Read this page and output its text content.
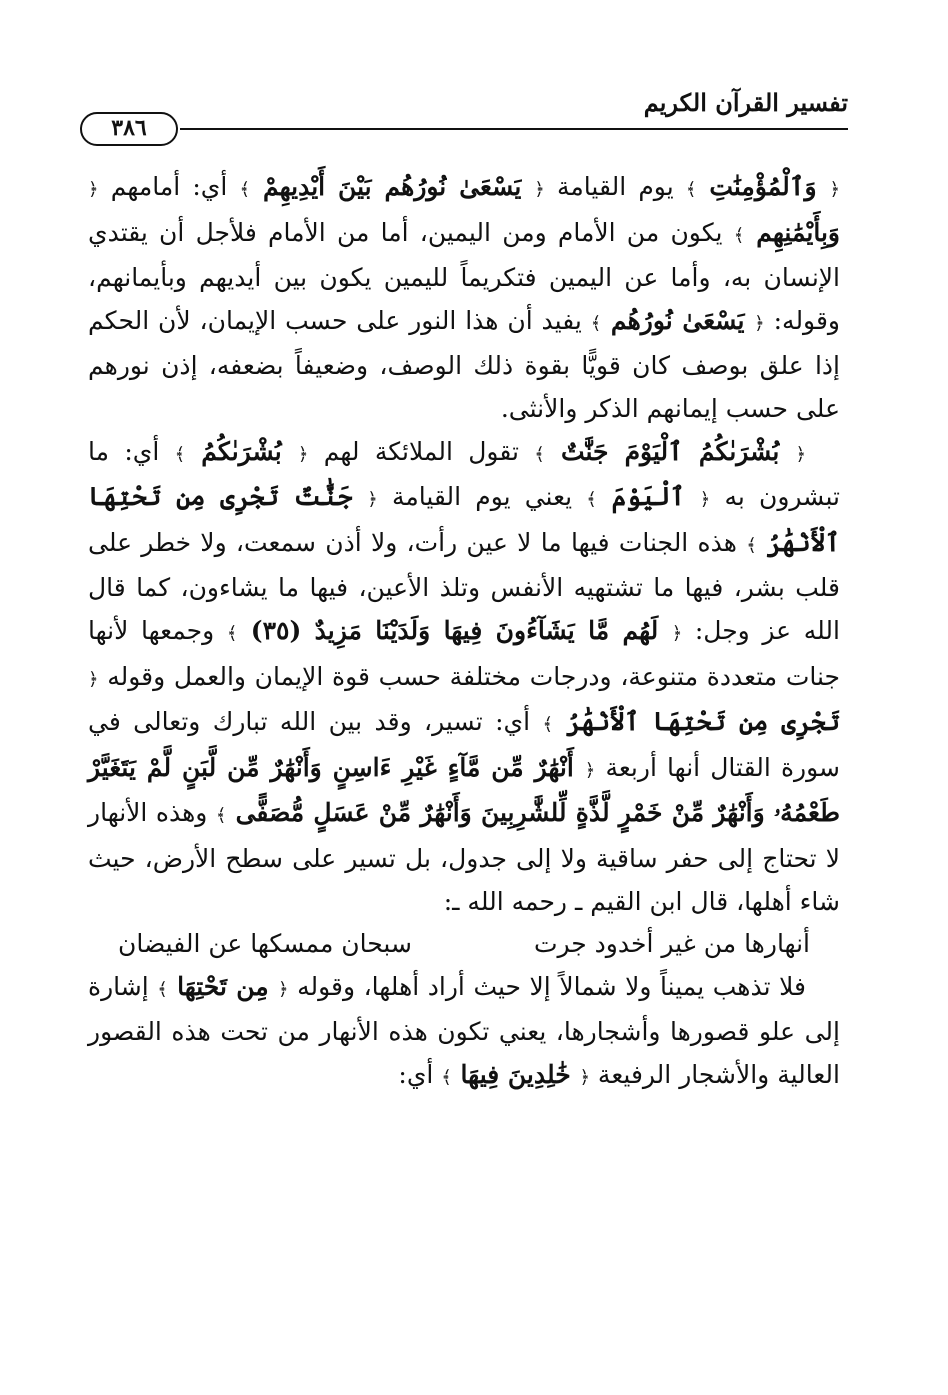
تفسير القرآن الكريم
٣٨٦

﴿ وَٱلْمُؤْمِنَٰتِ ﴾ يوم القيامة ﴿ يَسْعَىٰ نُورُهُم بَيْنَ أَيْدِيهِمْ ﴾ أي: أمامهم ﴿ وَبِأَيْمَٰنِهِم ﴾ يكون من الأمام ومن اليمين، أما من الأمام فلأجل أن يقتدي الإنسان به، وأما عن اليمين فتكريماً لليمين يكون بين أيديهم وبأيمانهم، وقوله: ﴿ يَسْعَىٰ نُورُهُم ﴾ يفيد أن هذا النور على حسب الإيمان، لأن الحكم إذا علق بوصف كان قويًّا بقوة ذلك الوصف، وضعيفاً بضعفه، إذن نورهم على حسب إيمانهم الذكر والأنثى.

﴿ بُشْرَىٰكُمُ ٱلْيَوْمَ جَنَّٰتٌ ﴾ تقول الملائكة لهم ﴿ بُشْرَىٰكُمُ ﴾ أي: ما تبشرون به ﴿ ٱلْيَوْمَ ﴾ يعني يوم القيامة ﴿ جَنَّٰتٌ تَجْرِى مِن تَحْتِهَا ٱلْأَنْهَٰرُ ﴾ هذه الجنات فيها ما لا عين رأت، ولا أذن سمعت، ولا خطر على قلب بشر، فيها ما تشتهيه الأنفس وتلذ الأعين، فيها ما يشاءون، كما قال الله عز وجل: ﴿ لَهُم مَّا يَشَآءُونَ فِيهَا وَلَدَيْنَا مَزِيدٌ (٣٥) ﴾ وجمعها لأنها جنات متعددة متنوعة، ودرجات مختلفة حسب قوة الإيمان والعمل وقوله ﴿ تَجْرِى مِن تَحْتِهَا ٱلْأَنْهَٰرُ ﴾ أي: تسير، وقد بين الله تبارك وتعالى في سورة القتال أنها أربعة ﴿ أَنْهَٰرٌ مِّن مَّآءٍ غَيْرِ ءَاسِنٍ وَأَنْهَٰرٌ مِّن لَّبَنٍ لَّمْ يَتَغَيَّرْ طَعْمُهُۥ وَأَنْهَٰرٌ مِّنْ خَمْرٍ لَّذَّةٍ لِّلشَّٰرِبِينَ وَأَنْهَٰرٌ مِّنْ عَسَلٍ مُّصَفًّى ﴾ وهذه الأنهار لا تحتاج إلى حفر ساقية ولا إلى جدول، بل تسير على سطح الأرض، حيث شاء أهلها، قال ابن القيم ـ رحمه الله ـ:

أنهارها من غير أخدود جرت
سبحان ممسكها عن الفيضان

فلا تذهب يميناً ولا شمالاً إلا حيث أراد أهلها، وقوله ﴿ مِن تَحْتِهَا ﴾ إشارة إلى علو قصورها وأشجارها، يعني تكون هذه الأنهار من تحت هذه القصور العالية والأشجار الرفيعة ﴿ خَٰلِدِينَ فِيهَا ﴾ أي:
